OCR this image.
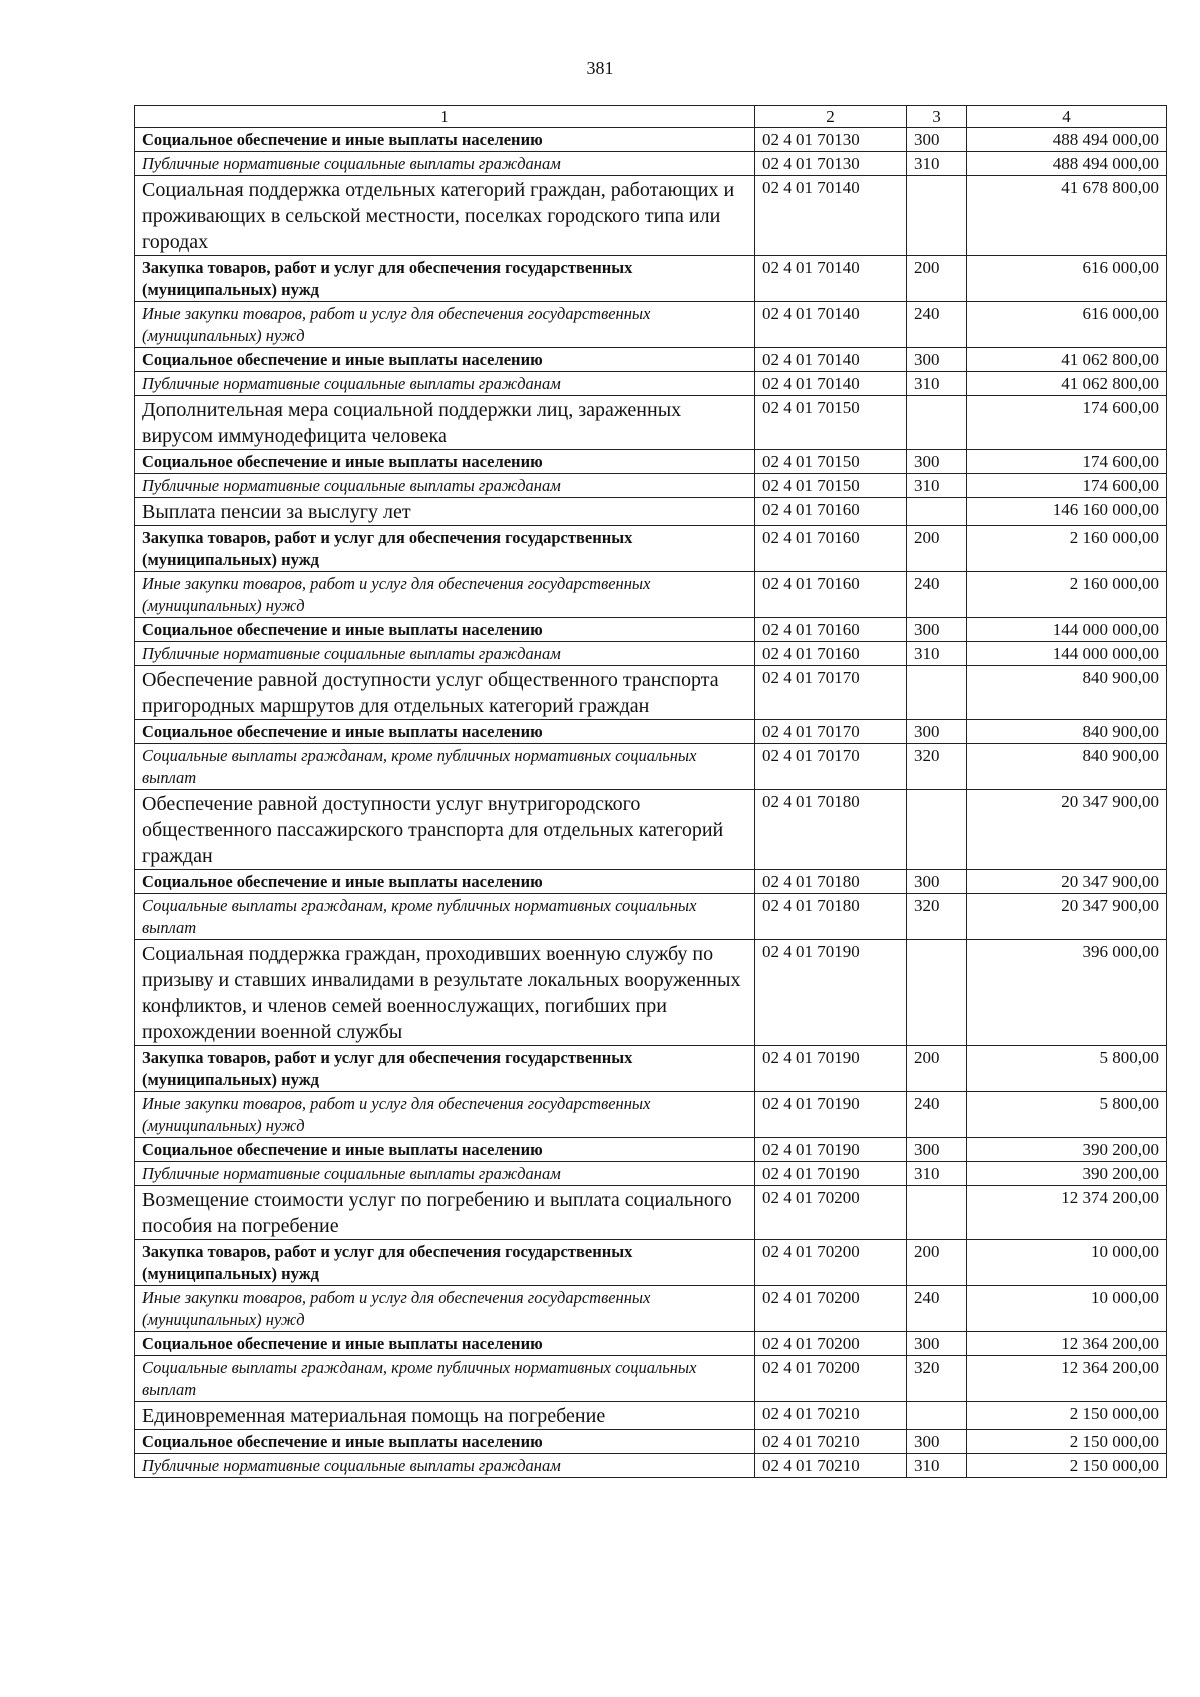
381
1	2	3	4
Социальное обеспечение и иные выплаты населению	02 4 01 70130	300	488 494 000,00
Публичные нормативные социальные выплаты гражданам	02 4 01 70130	310	488 494 000,00
Социальная поддержка отдельных категорий граждан, работающих и проживающих в сельской местности, поселках городского типа или городах	02 4 01 70140		41 678 800,00
Закупка товаров, работ и услуг для обеспечения государственных (муниципальных) нужд	02 4 01 70140	200	616 000,00
Иные закупки товаров, работ и услуг для обеспечения государственных (муниципальных) нужд	02 4 01 70140	240	616 000,00
Социальное обеспечение и иные выплаты населению	02 4 01 70140	300	41 062 800,00
Публичные нормативные социальные выплаты гражданам	02 4 01 70140	310	41 062 800,00
Дополнительная мера социальной поддержки лиц, зараженных вирусом иммунодефицита человека	02 4 01 70150		174 600,00
Социальное обеспечение и иные выплаты населению	02 4 01 70150	300	174 600,00
Публичные нормативные социальные выплаты гражданам	02 4 01 70150	310	174 600,00
Выплата пенсии за выслугу лет	02 4 01 70160		146 160 000,00
Закупка товаров, работ и услуг для обеспечения государственных (муниципальных) нужд	02 4 01 70160	200	2 160 000,00
Иные закупки товаров, работ и услуг для обеспечения государственных (муниципальных) нужд	02 4 01 70160	240	2 160 000,00
Социальное обеспечение и иные выплаты населению	02 4 01 70160	300	144 000 000,00
Публичные нормативные социальные выплаты гражданам	02 4 01 70160	310	144 000 000,00
Обеспечение равной доступности услуг общественного транспорта пригородных маршрутов для отдельных категорий граждан	02 4 01 70170		840 900,00
Социальное обеспечение и иные выплаты населению	02 4 01 70170	300	840 900,00
Социальные выплаты гражданам, кроме публичных нормативных социальных выплат	02 4 01 70170	320	840 900,00
Обеспечение равной доступности услуг внутригородского общественного пассажирского транспорта для отдельных категорий граждан	02 4 01 70180		20 347 900,00
Социальное обеспечение и иные выплаты населению	02 4 01 70180	300	20 347 900,00
Социальные выплаты гражданам, кроме публичных нормативных социальных выплат	02 4 01 70180	320	20 347 900,00
Социальная поддержка граждан, проходивших военную службу по призыву и ставших инвалидами в результате локальных вооруженных конфликтов, и членов семей военнослужащих, погибших при прохождении военной службы	02 4 01 70190		396 000,00
Закупка товаров, работ и услуг для обеспечения государственных (муниципальных) нужд	02 4 01 70190	200	5 800,00
Иные закупки товаров, работ и услуг для обеспечения государственных (муниципальных) нужд	02 4 01 70190	240	5 800,00
Социальное обеспечение и иные выплаты населению	02 4 01 70190	300	390 200,00
Публичные нормативные социальные выплаты гражданам	02 4 01 70190	310	390 200,00
Возмещение стоимости услуг по погребению и выплата социального пособия на погребение	02 4 01 70200		12 374 200,00
Закупка товаров, работ и услуг для обеспечения государственных (муниципальных) нужд	02 4 01 70200	200	10 000,00
Иные закупки товаров, работ и услуг для обеспечения государственных (муниципальных) нужд	02 4 01 70200	240	10 000,00
Социальное обеспечение и иные выплаты населению	02 4 01 70200	300	12 364 200,00
Социальные выплаты гражданам, кроме публичных нормативных социальных выплат	02 4 01 70200	320	12 364 200,00
Единовременная материальная помощь на погребение	02 4 01 70210		2 150 000,00
Социальное обеспечение и иные выплаты населению	02 4 01 70210	300	2 150 000,00
Публичные нормативные социальные выплаты гражданам	02 4 01 70210	310	2 150 000,00
